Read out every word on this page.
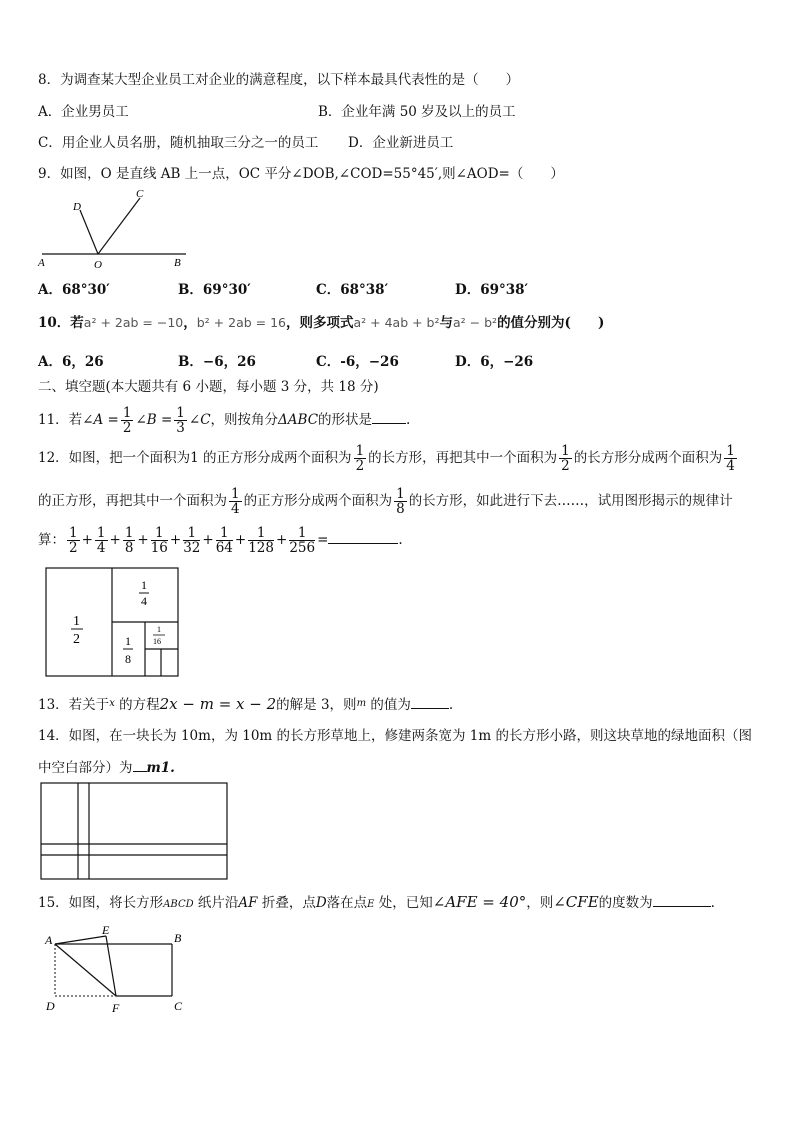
8．为调查某大型企业员工对企业的满意程度，以下样本最具代表性的是（　　）
A．企业男员工	B．企业年满 50 岁及以上的员工
C．用企业人员名册，随机抽取三分之一的员工 D．企业新进员工
9．如图，O 是直线 AB 上一点，OC 平分∠DOB,∠COD=55°45′,则∠AOD=（　　）
A	O	B
C
D
A．68°30′	B．69°30′	C．68°38′	D．69°38′
10．若a² + 2ab = −10，b² + 2ab = 16，则多项式a² + 4ab + b²与a² − b²的值分别为(　　)
A．6，26	B．−6，26	C．-6，−26	D．6，−26
二、填空题(本大题共有 6 小题，每小题 3 分，共 18 分)
11．若∠A = $\frac{1}{2}$ ∠B = $\frac{1}{3}$ ∠C，则按角分ΔABC的形状是	.
12．如图，把一个面积为1 的正方形分成两个面积为 $\frac{1}{2}$ 的长方形，再把其中一个面积为 $\frac{1}{2}$ 的长方形分成两个面积为 $\frac{1}{4}$
的正方形，再把其中一个面积为 $\frac{1}{4}$ 的正方形分成两个面积为 $\frac{1}{8}$ 的长方形，如此进行下去……，试用图形揭示的规律计
算： $\frac{1}{2} + \frac{1}{4} + \frac{1}{8} + \frac{1}{16} + \frac{1}{32} + \frac{1}{64} + \frac{1}{128} + \frac{1}{256}$ =	.
1
2
1
4
1
8
1
16
13．若关于$^x$ 的方程2x − m = x − 2的解是 3，则$^m$ 的值为	.
14．如图，在一块长为 10m，为 10m 的长方形草地上，修建两条宽为 1m 的长方形小路，则这块草地的绿地面积（图
中空白部分）为 m1.
15．如图，将长方形ABCD 纸片沿AF 折叠，点D落在点E 处，已知∠AFE = 40°，则∠CFE的度数为	.
A
E
B
D	F	C
